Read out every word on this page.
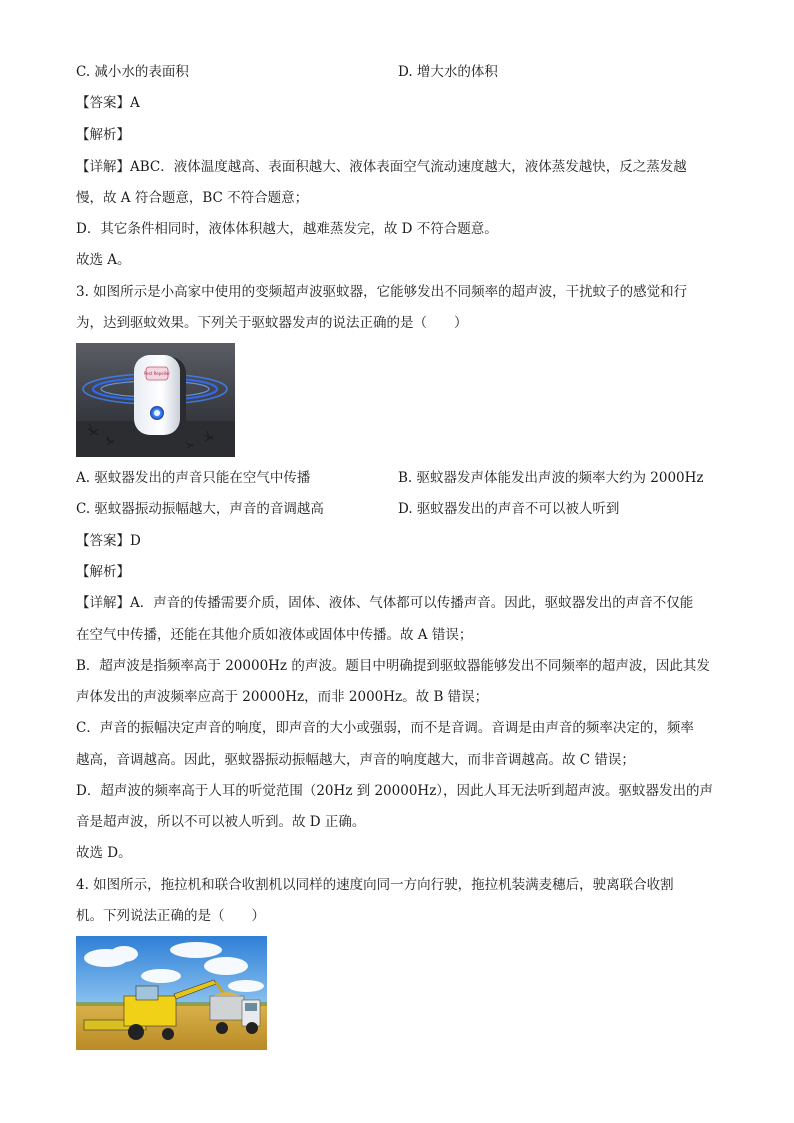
C. 减小水的表面积	D. 增大水的体积
【答案】A
【解析】
【详解】ABC．液体温度越高、表面积越大、液体表面空气流动速度越大，液体蒸发越快，反之蒸发越
慢，故 A 符合题意，BC 不符合题意；
D．其它条件相同时，液体体积越大，越难蒸发完，故 D 不符合题意。
故选 A。
3. 如图所示是小高家中使用的变频超声波驱蚊器，它能够发出不同频率的超声波，干扰蚊子的感觉和行
为，达到驱蚊效果。下列关于驱蚊器发声的说法正确的是（　　）
Pest Repeller
A. 驱蚊器发出的声音只能在空气中传播	B. 驱蚊器发声体能发出声波的频率大约为 2000Hz
C. 驱蚊器振动振幅越大，声音的音调越高	D. 驱蚊器发出的声音不可以被人听到
【答案】D
【解析】
【详解】A．声音的传播需要介质，固体、液体、气体都可以传播声音。因此，驱蚊器发出的声音不仅能
在空气中传播，还能在其他介质如液体或固体中传播。故 A 错误；
B．超声波是指频率高于 20000Hz 的声波。题目中明确提到驱蚊器能够发出不同频率的超声波，因此其发
声体发出的声波频率应高于 20000Hz，而非 2000Hz。故 B 错误；
C．声音的振幅决定声音的响度，即声音的大小或强弱，而不是音调。音调是由声音的频率决定的，频率
越高，音调越高。因此，驱蚊器振动振幅越大，声音的响度越大，而非音调越高。故 C 错误；
D．超声波的频率高于人耳的听觉范围（20Hz 到 20000Hz），因此人耳无法听到超声波。驱蚊器发出的声
音是超声波，所以不可以被人听到。故 D 正确。
故选 D。
4. 如图所示，拖拉机和联合收割机以同样的速度向同一方向行驶，拖拉机装满麦穗后，驶离联合收割
机。下列说法正确的是（　　）
